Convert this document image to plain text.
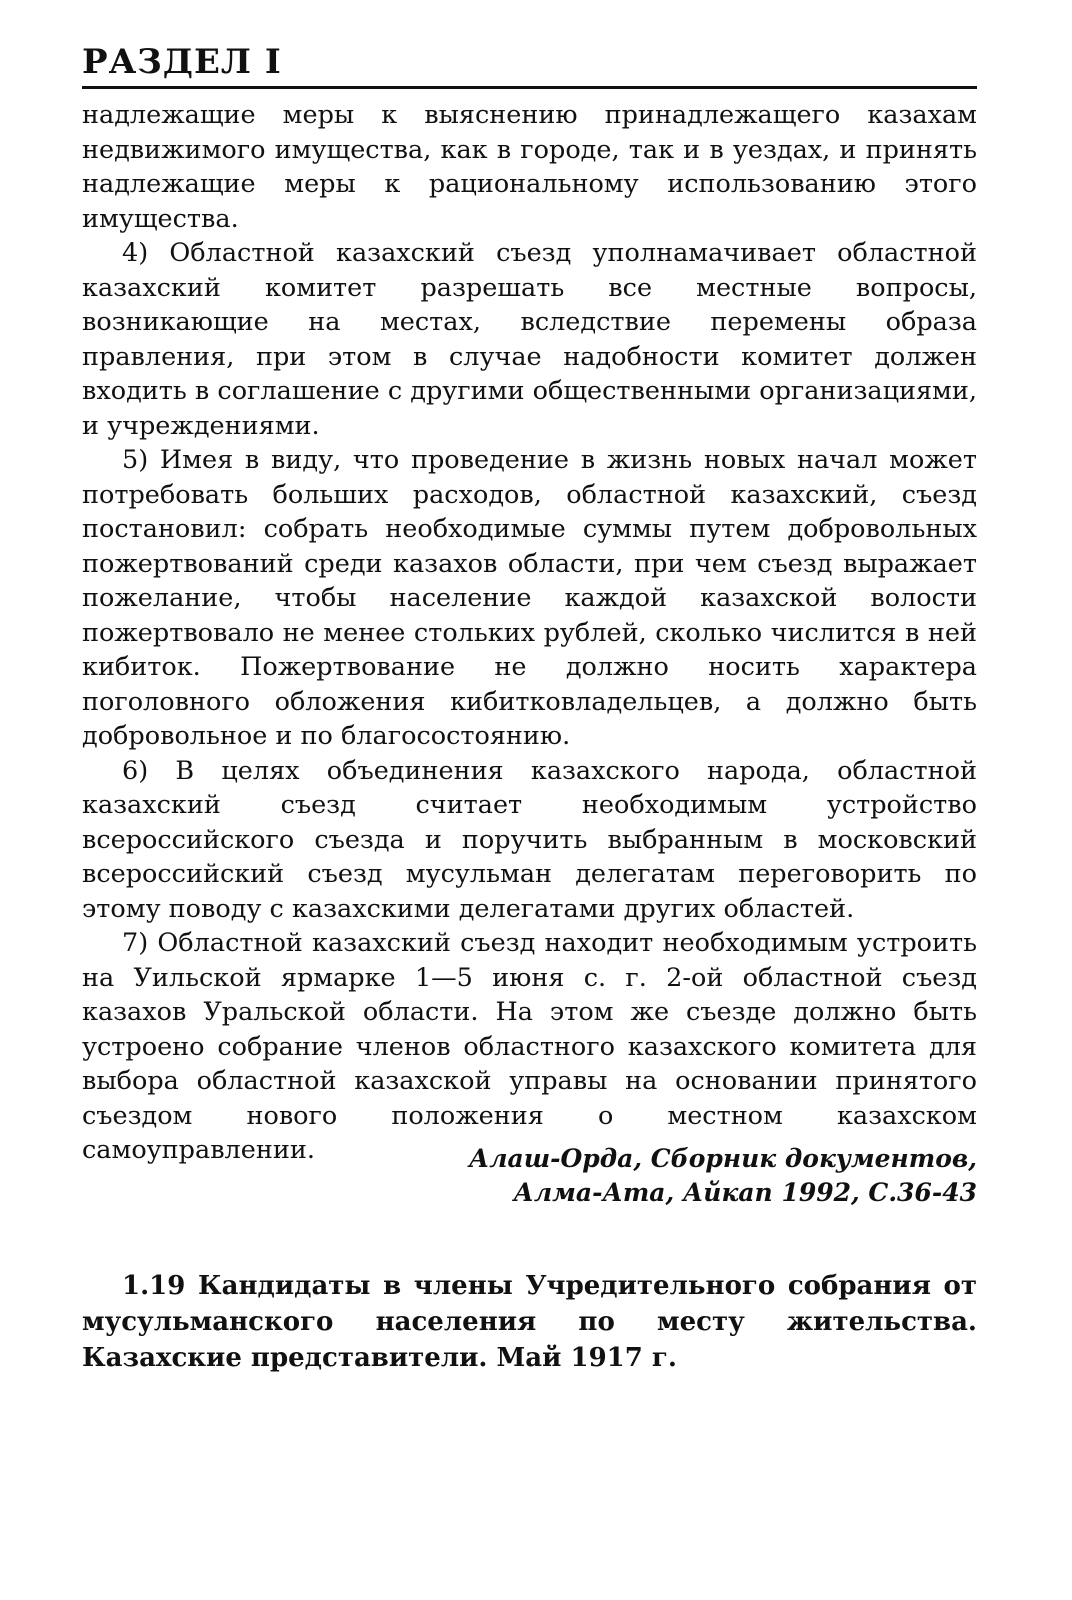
РАЗДЕЛ I

надлежащие меры к выяснению принадлежащего казахам недвижимого имущества, как в городе, так и в уездах, и принять надлежащие меры к рациональному использованию этого имущества.

4) Областной казахский съезд уполнамачивает областной казахский комитет разрешать все местные вопросы, возникающие на местах, вследствие перемены образа правления, при этом в случае надобности комитет должен входить в соглашение с другими общественными организациями, и учреждениями.

5) Имея в виду, что проведение в жизнь новых начал может потребовать больших расходов, областной казахский, съезд постановил: собрать необходимые суммы путем добровольных пожертвований среди казахов области, при чем съезд выражает пожелание, чтобы население каждой казахской волости пожертвовало не менее стольких рублей, сколько числится в ней кибиток. Пожертвование не должно носить характера поголовного обложения кибитковладельцев, а должно быть добровольное и по благосостоянию.

6) В целях объединения казахского народа, областной казахский съезд считает необходимым устройство всероссийского съезда и поручить выбранным в московский всероссийский съезд мусульман делегатам переговорить по этому поводу с казахскими делегатами других областей.

7) Областной казахский съезд находит необходимым устроить на Уильской ярмарке 1—5 июня с. г. 2-ой областной съезд казахов Уральской области. На этом же съезде должно быть устроено собрание членов областного казахского комитета для выбора областной казахской управы на основании принятого съездом нового положения о местном казахском самоуправлении.	Алаш-Орда, Сборник документов,
Алма-Ата, Айкап 1992, С.36-43
1.19 Кандидаты в члены Учредительного собрания от мусульманского населения по месту жительства. Казахские представители. Май 1917 г.
